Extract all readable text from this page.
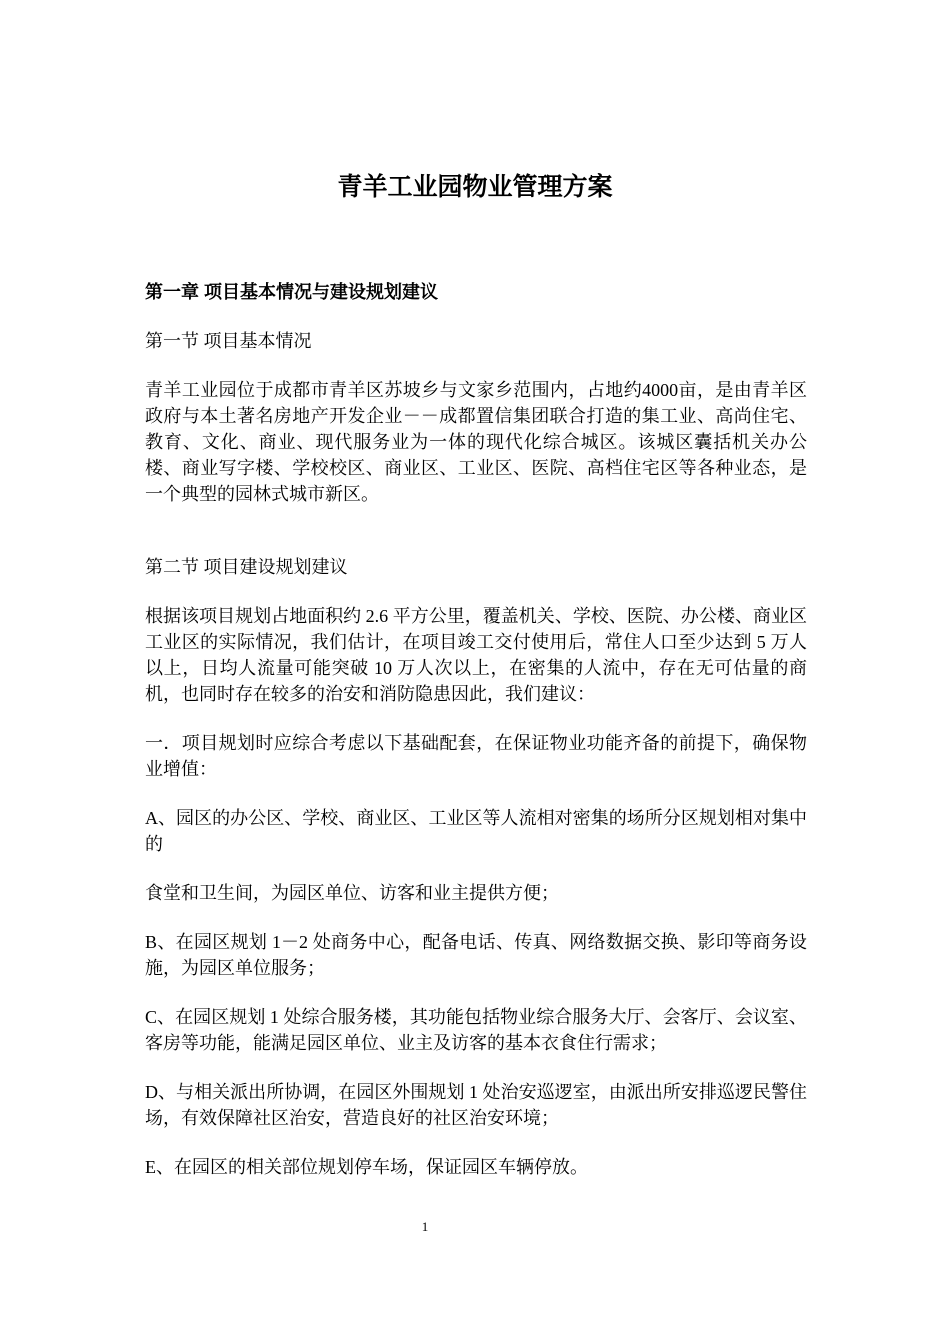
青羊工业园物业管理方案
第一章 项目基本情况与建设规划建议
第一节 项目基本情况

青羊工业园位于成都市青羊区苏坡乡与文家乡范围内，占地约4000亩，是由青羊区政府与本土著名房地产开发企业－－成都置信集团联合打造的集工业、高尚住宅、教育、文化、商业、现代服务业为一体的现代化综合城区。该城区囊括机关办公楼、商业写字楼、学校校区、商业区、工业区、医院、高档住宅区等各种业态，是一个典型的园林式城市新区。

第二节 项目建设规划建议

根据该项目规划占地面积约 2.6 平方公里，覆盖机关、学校、医院、办公楼、商业区工业区的实际情况，我们估计，在项目竣工交付使用后，常住人口至少达到 5 万人以上，日均人流量可能突破 10 万人次以上，在密集的人流中，存在无可估量的商机，也同时存在较多的治安和消防隐患因此，我们建议：

一．项目规划时应综合考虑以下基础配套，在保证物业功能齐备的前提下，确保物业增值：

A、园区的办公区、学校、商业区、工业区等人流相对密集的场所分区规划相对集中的

食堂和卫生间，为园区单位、访客和业主提供方便；

B、在园区规划 1－2 处商务中心，配备电话、传真、网络数据交换、影印等商务设施，为园区单位服务；

C、在园区规划 1 处综合服务楼，其功能包括物业综合服务大厅、会客厅、会议室、客房等功能，能满足园区单位、业主及访客的基本衣食住行需求；

D、与相关派出所协调，在园区外围规划 1 处治安巡逻室，由派出所安排巡逻民警住场，有效保障社区治安，营造良好的社区治安环境；

E、在园区的相关部位规划停车场，保证园区车辆停放。

1
